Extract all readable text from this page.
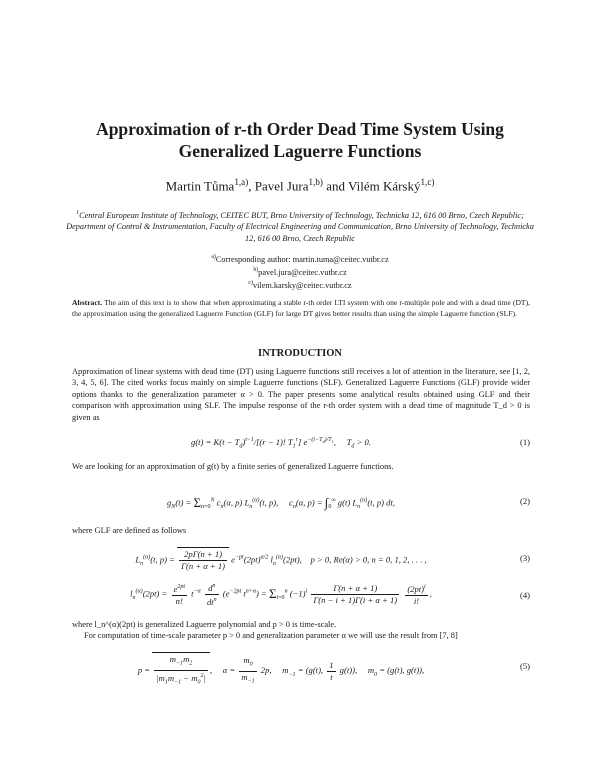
Approximation of r-th Order Dead Time System Using
Generalized Laguerre Functions
Martin Tůma$^{1,a)}$, Pavel Jura$^{1,b)}$ and Vilém Kárský$^{1,c)}$
$^1$Central European Institute of Technology, CEITEC BUT, Brno University of Technology, Technicka 12, 616 00 Brno, Czech Republic; Department of Control & Instrumentation, Faculty of Electrical Engineering and Communication, Brno University of Technology, Technicka 12, 616 00 Brno, Czech Republic
$^{a)}$Corresponding author: martin.tuma@ceitec.vutbr.cz
$^{b)}$pavel.jura@ceitec.vutbr.cz
$^{c)}$vilem.karsky@ceitec.vutbr.cz
Abstract. The aim of this text is to show that when approximating a stable r-th order LTI system with one r-multiple pole and with a dead time (DT), the approximation using the generalized Laguerre Function (GLF) for large DT gives better results than using the simple Laguerre function (SLF).
INTRODUCTION
Approximation of linear systems with dead time (DT) using Laguerre functions still receives a lot of attention in the literature, see [1, 2, 3, 4, 5, 6]. The cited works focus mainly on simple Laguerre functions (SLF). Generalized Laguerre Functions (GLF) provide wider options thanks to the generalization parameter α > 0. The paper presents some analytical results obtained using GLF and their comparison with approximation using SLF. The impulse response of the r-th order system with a dead time of magnitude T_d > 0 is given as
$g(t) = K(t - T_d)^{r-1}/[(r - 1)$! $T_1^r$] $e^{-(t-T_d)/T_1}$,     $T_d > 0$.	(1)
We are looking for an approximation of g(t) by a finite series of generalized Laguerre functions.
$g_N(t) = \Sigma_{n=0}^N$ $c_n(\alpha$, p) $L_n^{(\alpha)}(t$, p),     $c_n(\alpha$, $p) = \int_0^\infty$ g(t) $L_n^{(\alpha)}(t$, p) dt,	(2)
where GLF are defined as follows
$L_n^{(\alpha)}(t$, $p) = \frac{2p\Gamma(n + 1)}{\Gamma(n + \alpha + 1)} e^{-pt}(2pt)^{\alpha/2}$ $l_n^{(\alpha)}(2pt)$,    p > 0, Re(α) > 0, n = 0, 1, 2, . . . ,	(3)
$l_n^{(\alpha)}(2pt) = \frac{e^{2pt}}{n!} t^{-\alpha} \frac{d^n}{dt^n} (e^{-2pt}$ $t^{n+\alpha}) = \Sigma_{i=0}^n$ $(-1)^i \frac{\Gamma(n + \alpha + 1)}{\Gamma(n - i + 1)\Gamma(i + \alpha + 1)}$
$\frac{(2pt)^i}{i!}$ ,	(4)
where l_n^(α)(2pt) is generalized Laguerre polynomial and p > 0 is time-scale.
For computation of time-scale parameter p > 0 and generalization parameter α we will use the result from [7, 8]
$p = \frac{m_{-1}m_2}{|m_1m_{-1} - m_0^2|}$ ,     $\alpha = \frac{m_0}{m_{-1}} 2p$,     $m_{-1} = (g(t)$, $\frac{1}{t} g(t)$),     $m_0 = (g(t)$, g(t)),	(5)
